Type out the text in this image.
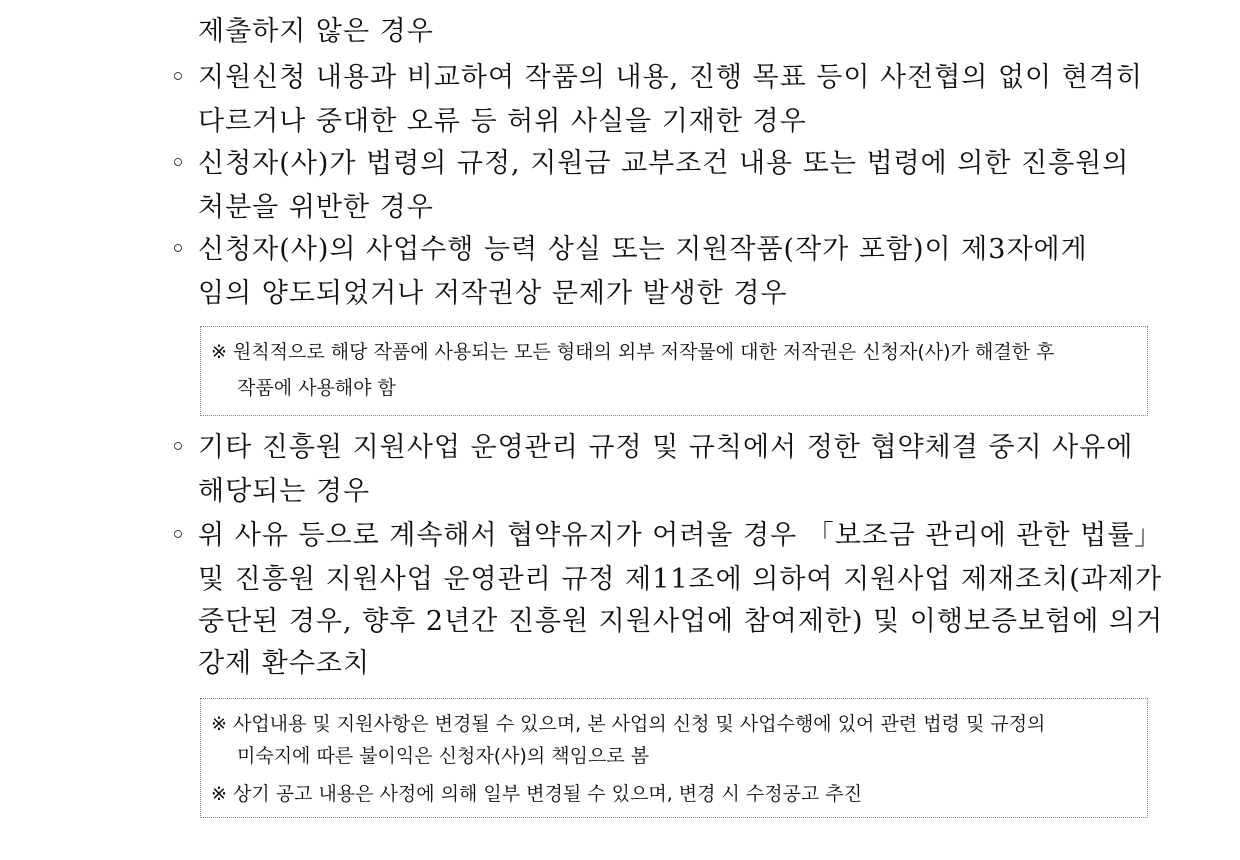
제출하지 않은 경우
◦ 지원신청 내용과 비교하여 작품의 내용, 진행 목표 등이 사전협의 없이 현격히
다르거나 중대한 오류 등 허위 사실을 기재한 경우
◦ 신청자(사)가 법령의 규정, 지원금 교부조건 내용 또는 법령에 의한 진흥원의
처분을 위반한 경우
◦ 신청자(사)의 사업수행 능력 상실 또는 지원작품(작가 포함)이 제3자에게
임의 양도되었거나 저작권상 문제가 발생한 경우
※ 원칙적으로 해당 작품에 사용되는 모든 형태의 외부 저작물에 대한 저작권은 신청자(사)가 해결한 후
작품에 사용해야 함
◦ 기타 진흥원 지원사업 운영관리 규정 및 규칙에서 정한 협약체결 중지 사유에
해당되는 경우
◦ 위 사유 등으로 계속해서 협약유지가 어려울 경우 「보조금 관리에 관한 법률」
및 진흥원 지원사업 운영관리 규정 제11조에 의하여 지원사업 제재조치(과제가
중단된 경우, 향후 2년간 진흥원 지원사업에 참여제한) 및 이행보증보험에 의거
강제 환수조치
※ 사업내용 및 지원사항은 변경될 수 있으며, 본 사업의 신청 및 사업수행에 있어 관련 법령 및 규정의
미숙지에 따른 불이익은 신청자(사)의 책임으로 봄
※ 상기 공고 내용은 사정에 의해 일부 변경될 수 있으며, 변경 시 수정공고 추진
